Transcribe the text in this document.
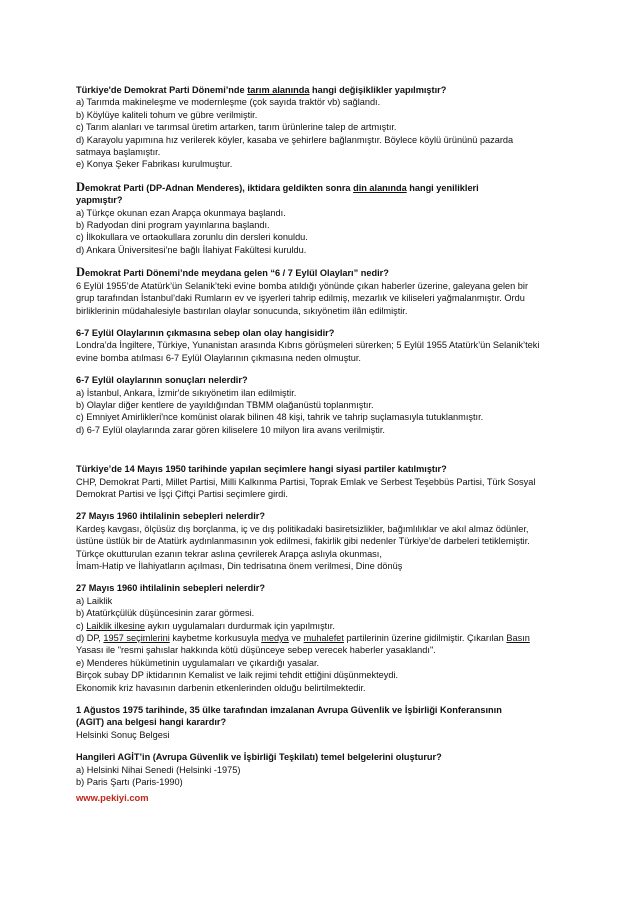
Türkiye'de Demokrat Parti Dönemi’nde tarım alanında hangi değişiklikler yapılmıştır?

a) Tarımda makineleşme ve modernleşme (çok sayıda traktör vb) sağlandı.

b) Köylüye kaliteli tohum ve gübre verilmiştir.

c) Tarım alanları ve tarımsal üretim artarken, tarım ürünlerine talep de artmıştır.

d) Karayolu yapımına hız verilerek köyler, kasaba ve şehirlere bağlanmıştır. Böylece köylü ürününü pazarda

satmaya başlamıştır.

e) Konya Şeker Fabrikası kurulmuştur.

Demokrat Parti (DP-Adnan Menderes), iktidara geldikten sonra din alanında hangi yenilikleri

yapmıştır?

a) Türkçe okunan ezan Arapça okunmaya başlandı.

b) Radyodan dini program yayınlarına başlandı.

c) İlkokullara ve ortaokullara zorunlu din dersleri konuldu.

d) Ankara Üniversitesi’ne bağlı İlahiyat Fakültesi kuruldu.

Demokrat Parti Dönemi’nde meydana gelen “6 / 7 Eylül Olayları” nedir?

6 Eylül 1955’de Atatürk’ün Selanik’teki evine bomba atıldığı yönünde çıkan haberler üzerine, galeyana gelen bir

grup tarafından İstanbul’daki Rumların ev ve işyerleri tahrip edilmiş, mezarlık ve kiliseleri yağmalanmıştır. Ordu

birliklerinin müdahalesiyle bastırılan olaylar sonucunda, sıkıyönetim ilân edilmiştir.

6-7 Eylül Olaylarının çıkmasına sebep olan olay hangisidir?

Londra’da İngiltere, Türkiye, Yunanistan arasında Kıbrıs görüşmeleri sürerken; 5 Eylül 1955 Atatürk’ün Selanik’teki

evine bomba atılması 6-7 Eylül Olaylarının çıkmasına neden olmuştur.

6-7 Eylül olaylarının sonuçları nelerdir?

a) İstanbul, Ankara, İzmir'de sıkıyönetim ilan edilmiştir.

b) Olaylar diğer kentlere de yayıldığından TBMM olağanüstü toplanmıştır.

c) Emniyet Amirlikleri'nce komünist olarak bilinen 48 kişi, tahrik ve tahrip suçlamasıyla tutuklanmıştır.

d) 6-7 Eylül olaylarında zarar gören kiliselere 10 milyon lira avans verilmiştir.

Türkiye’de 14 Mayıs 1950 tarihinde yapılan seçimlere hangi siyasi partiler katılmıştır?

CHP, Demokrat Parti, Millet Partisi, Milli Kalkınma Partisi, Toprak Emlak ve Serbest Teşebbüs Partisi, Türk Sosyal

Demokrat Partisi ve İşçi Çiftçi Partisi seçimlere girdi.

27 Mayıs 1960 ihtilalinin sebepleri nelerdir?

Kardeş kavgası, ölçüsüz dış borçlanma, iç ve dış politikadaki basiretsizlikler, bağımlılıklar ve akıl almaz ödünler,

üstüne üstlük bir de Atatürk aydınlanmasının yok edilmesi, fakirlik gibi nedenler Türkiye’de darbeleri tetiklemiştir.

Türkçe okutturulan ezanın tekrar aslına çevrilerek Arapça aslıyla okunması,

İmam-Hatip ve İlahiyatların açılması, Din tedrisatına önem verilmesi, Dine dönüş

27 Mayıs 1960 ihtilalinin sebepleri nelerdir?

a) Laiklik

b) Atatürkçülük düşüncesinin zarar görmesi.

c) Laiklik ilkesine aykırı uygulamaları durdurmak için yapılmıştır.

d) DP, 1957 seçimlerini kaybetme korkusuyla medya ve muhalefet partilerinin üzerine gidilmiştir. Çıkarılan Basın

Yasası ile "resmi şahıslar hakkında kötü düşünceye sebep verecek haberler yasaklandı".

e) Menderes hükümetinin uygulamaları ve çıkardığı yasalar.

Birçok subay DP iktidarının Kemalist ve laik rejimi tehdit ettiğini düşünmekteydi.

Ekonomik kriz havasının darbenin etkenlerinden olduğu belirtilmektedir.

1 Ağustos 1975 tarihinde, 35 ülke tarafından imzalanan Avrupa Güvenlik ve İşbirliği Konferansının

(AGIT) ana belgesi hangi karardır?

Helsinki Sonuç Belgesi

Hangileri AGİT’in (Avrupa Güvenlik ve İşbirliği Teşkilatı) temel belgelerini oluşturur?

a) Helsinki Nihai Senedi (Helsinki -1975)

b) Paris Şartı (Paris-1990)

www.pekiyi.com
